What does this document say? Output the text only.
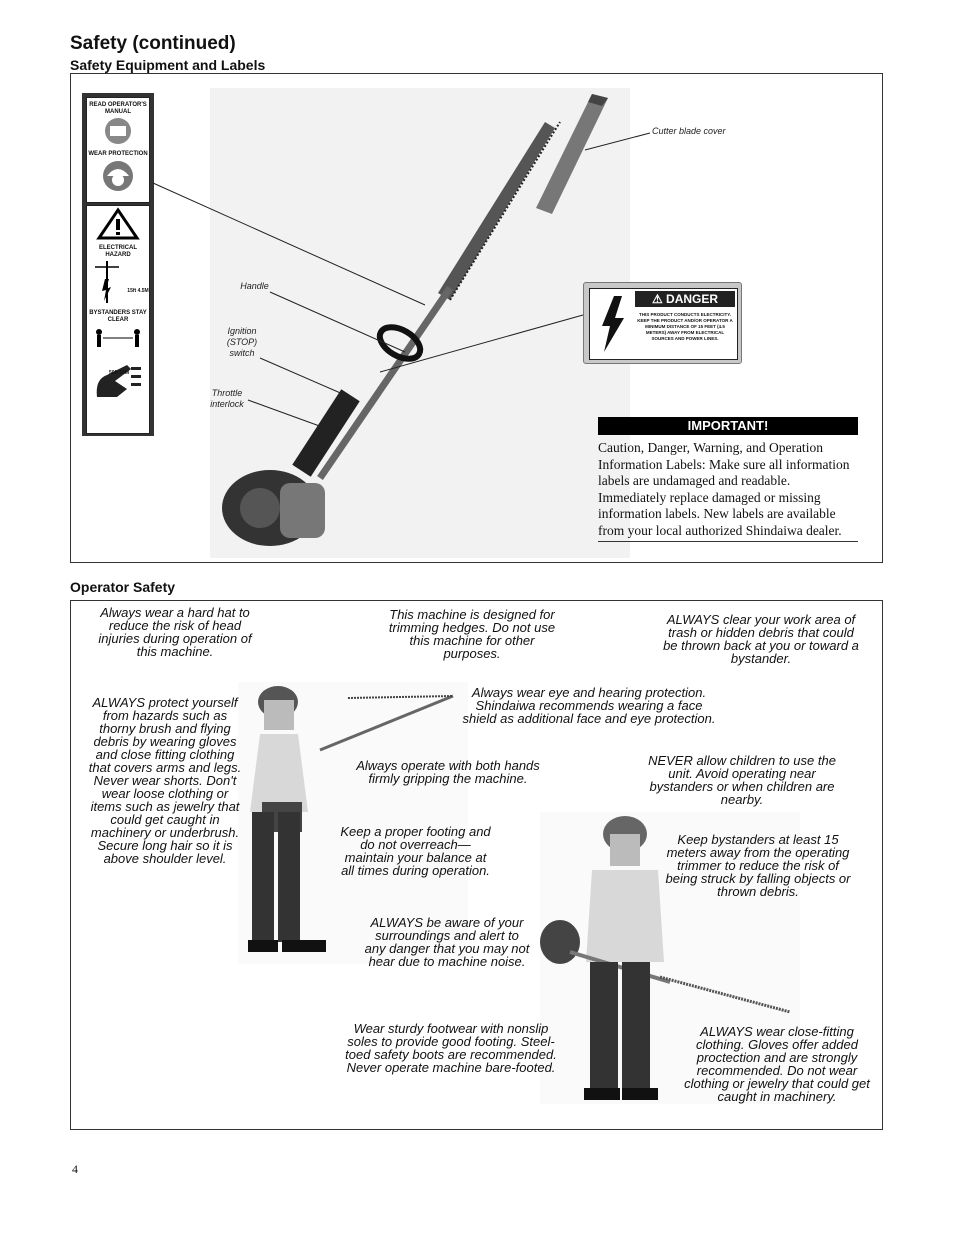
Safety (continued)
Safety Equipment and Labels
READ OPERATOR'S MANUAL
WEAR PROTECTION
ELECTRICAL HAZARD
15ft 4.5M
BYSTANDERS STAY CLEAR

50ft 15M
Cutter blade cover
Handle
Ignition (STOP) switch
Throttle interlock
⚠ DANGER
THIS PRODUCT CONDUCTS ELECTRICITY. KEEP THE PRODUCT AND/OR OPERATOR A MINIMUM DISTANCE OF 15 FEET (4.5 METERS) AWAY FROM ELECTRICAL SOURCES AND POWER LINES.
IMPORTANT!
Caution, Danger, Warning, and Operation Information Labels: Make sure all information labels are undamaged and readable. Immediately replace damaged or missing information labels. New labels are available from your local authorized Shindaiwa dealer.
Operator Safety
Always wear a hard hat to reduce the risk of head injuries during operation of this machine.
This machine is designed for trimming hedges. Do not use this machine for other purposes.
ALWAYS clear your work area of trash or hidden debris that could be thrown back at you or toward a bystander.
ALWAYS protect yourself from hazards such as thorny brush and flying debris by wearing gloves and close fitting clothing that covers arms and legs. Never wear shorts. Don't wear loose clothing or items such as jewelry that could get caught in machinery or underbrush. Secure long hair so it is above shoulder level.
Always wear eye and hearing protection. Shindaiwa recommends wearing a face shield as additional face and eye protection.
Always operate with both hands firmly gripping the machine.
NEVER allow children to use the unit. Avoid operating near bystanders or when children are nearby.
Keep a proper footing and do not overreach—maintain your balance at all times during operation.
Keep bystanders at least 15 meters away from the operating trimmer to reduce the risk of being struck by falling objects or thrown debris.
ALWAYS be aware of your surroundings and alert to any danger that you may not hear due to machine noise.
Wear sturdy footwear with nonslip soles to provide good footing. Steel-toed safety boots are recommended. Never operate machine bare-footed.
ALWAYS wear close-fitting clothing. Gloves offer added proctection and are strongly recommended. Do not wear clothing or jewelry that could get caught in machinery.
4
